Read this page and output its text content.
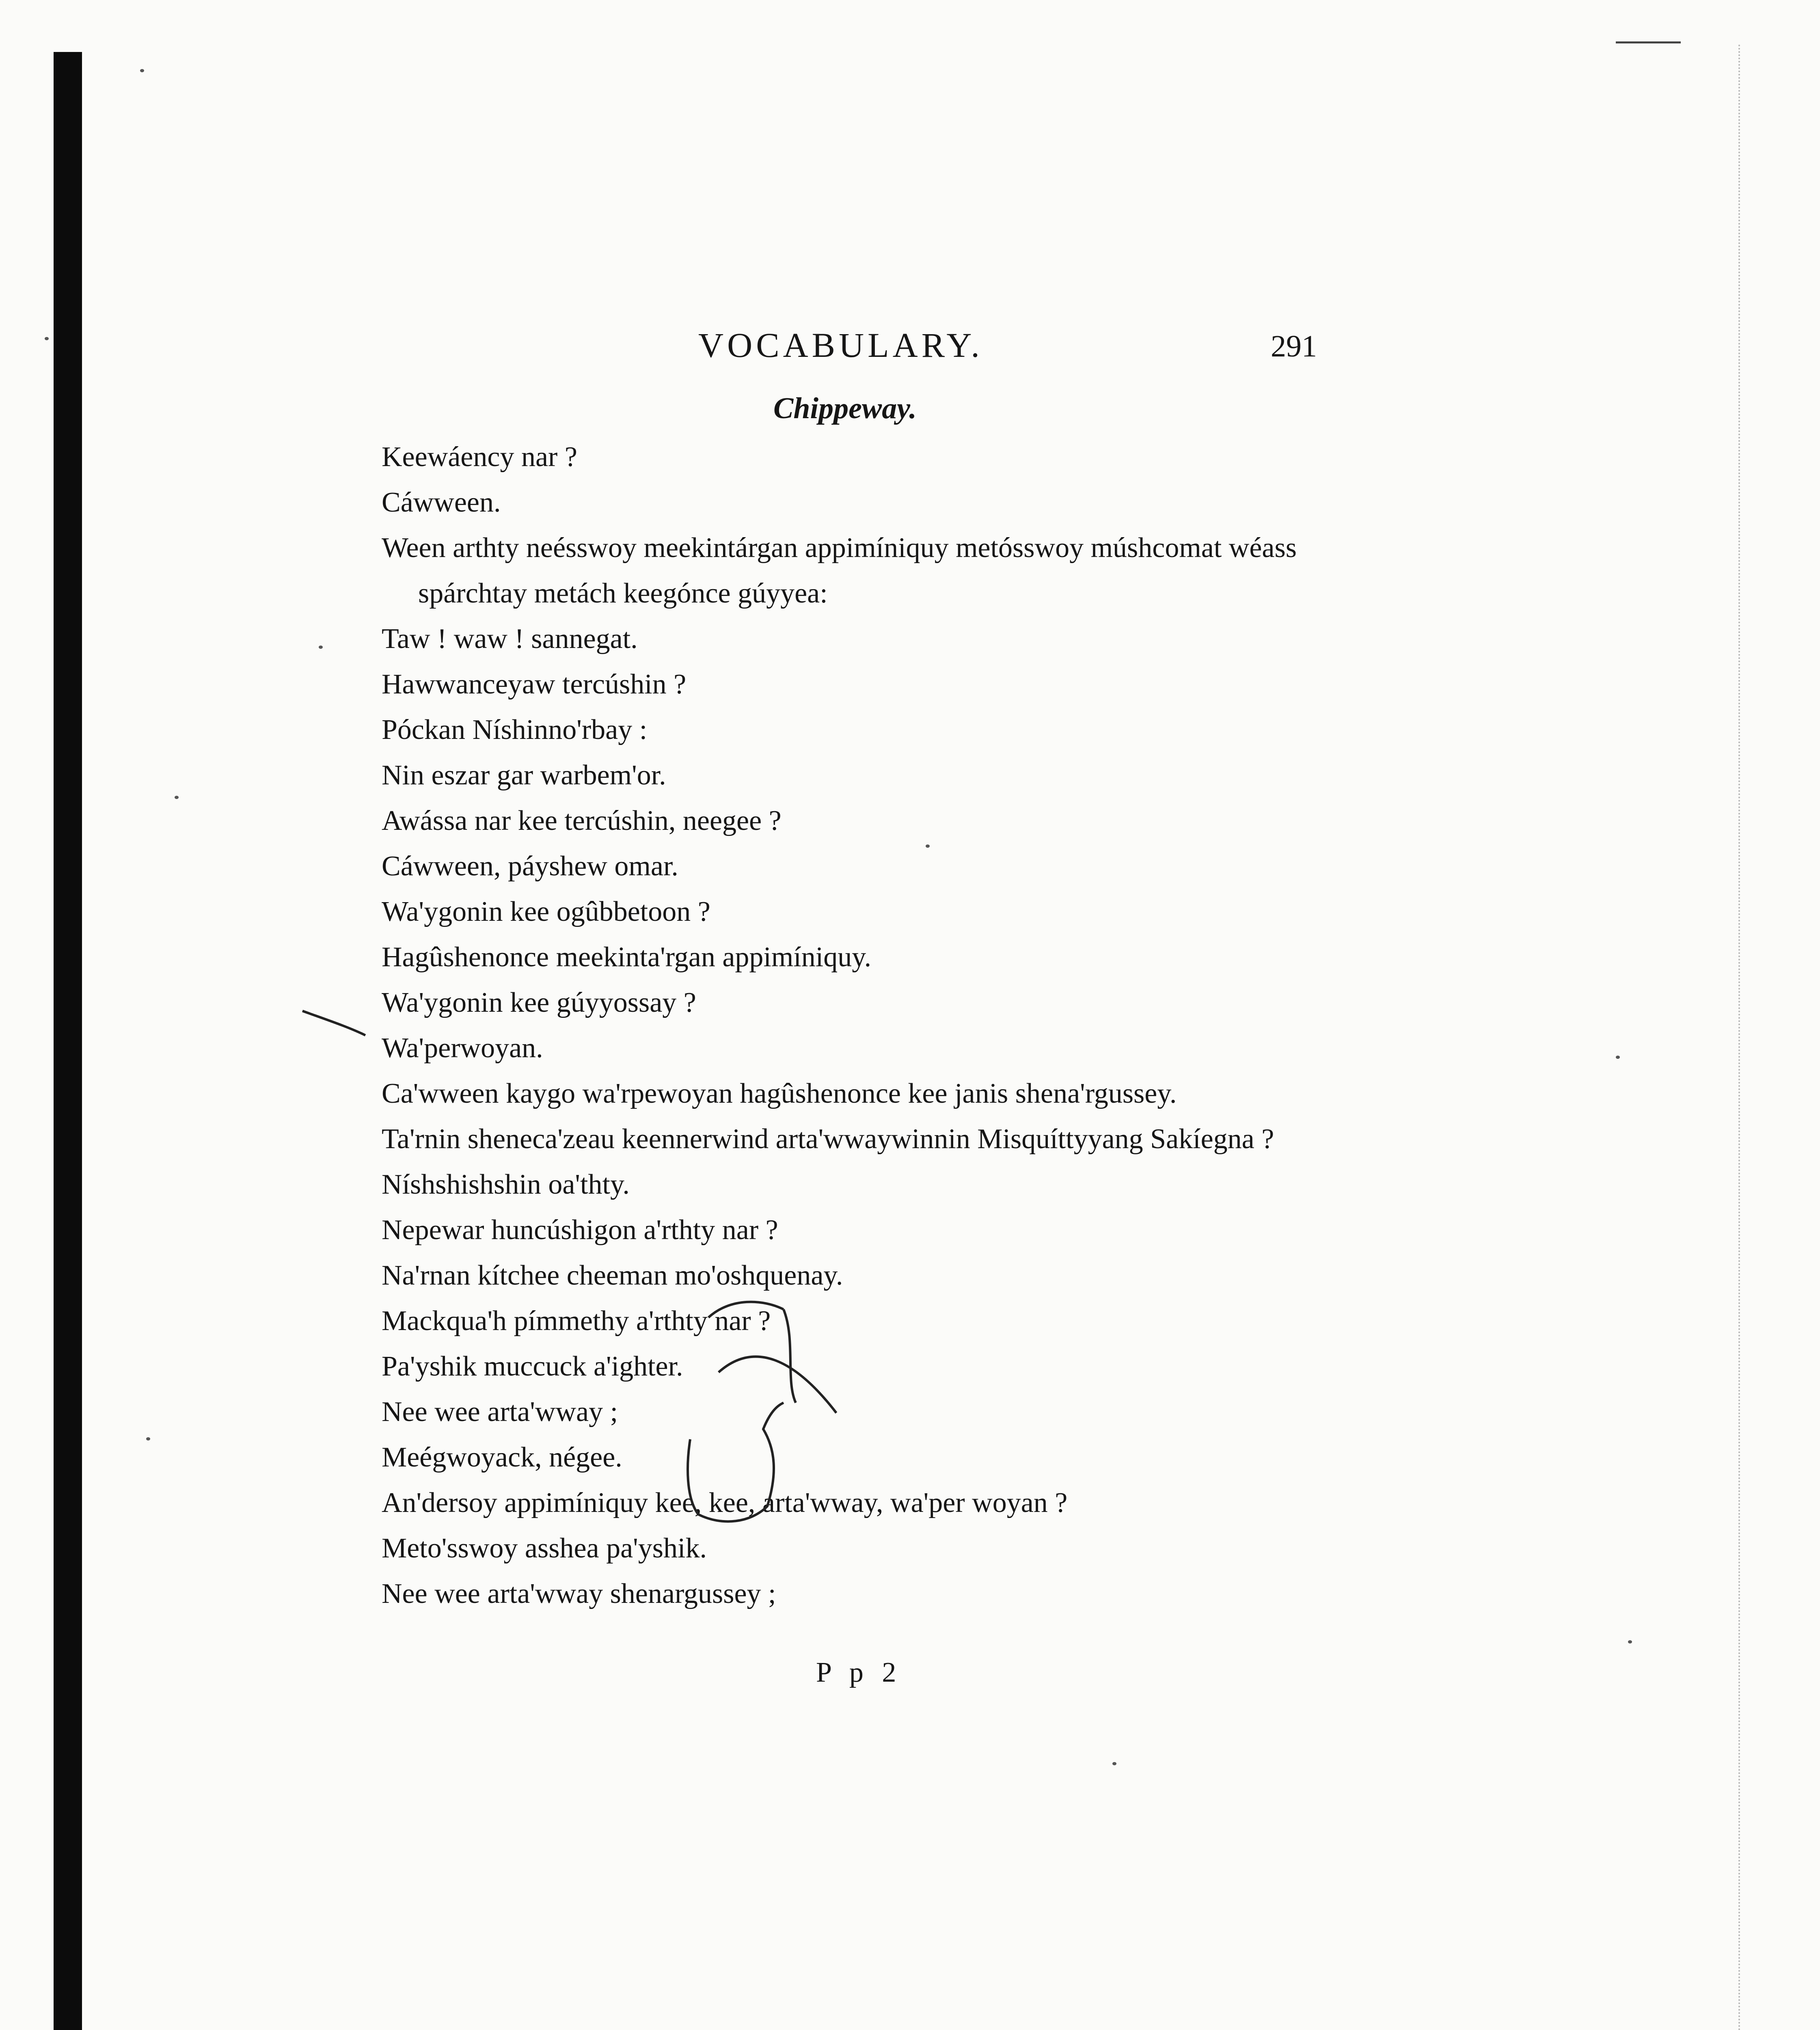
VOCABULARY.	291
Chippeway.
Keewáency nar ?
Cáwween.
Ween arthty neésswoy meekintárgan appimíniquy metósswoy múshcomat wéass spárchtay metách keegónce gúyyea:
Taw ! waw ! sannegat.
Hawwanceyaw tercúshin ?
Póckan Níshinno'rbay :
Nin eszar gar warbem'or.
Awássa nar kee tercúshin, neegee ?
Cáwween, páyshew omar.
Wa'ygonin kee ogûbbetoon ?
Hagûshenonce meekinta'rgan appimíniquy.
Wa'ygonin kee gúyyossay ?
Wa'perwoyan.
Ca'wween kaygo wa'rpewoyan hagûshenonce kee janis shena'rgussey.
Ta'rnin sheneca'zeau keennerwind arta'wwaywinnin Misquíttyyang Sakíegna ?
Níshshishshin oa'thty.
Nepewar huncúshigon a'rthty nar ?
Na'rnan kítchee cheeman mo'oshquenay.
Mackqua'h pímmethy a'rthty nar ?
Pa'yshik muccuck a'ighter.
Nee wee arta'wway ;
Meégwoyack, négee.
An'dersoy appimíniquy kee, kee, arta'wway, wa'per woyan ?
Meto'sswoy asshea pa'yshik.
Nee wee arta'wway shenargussey ;
P p 2
